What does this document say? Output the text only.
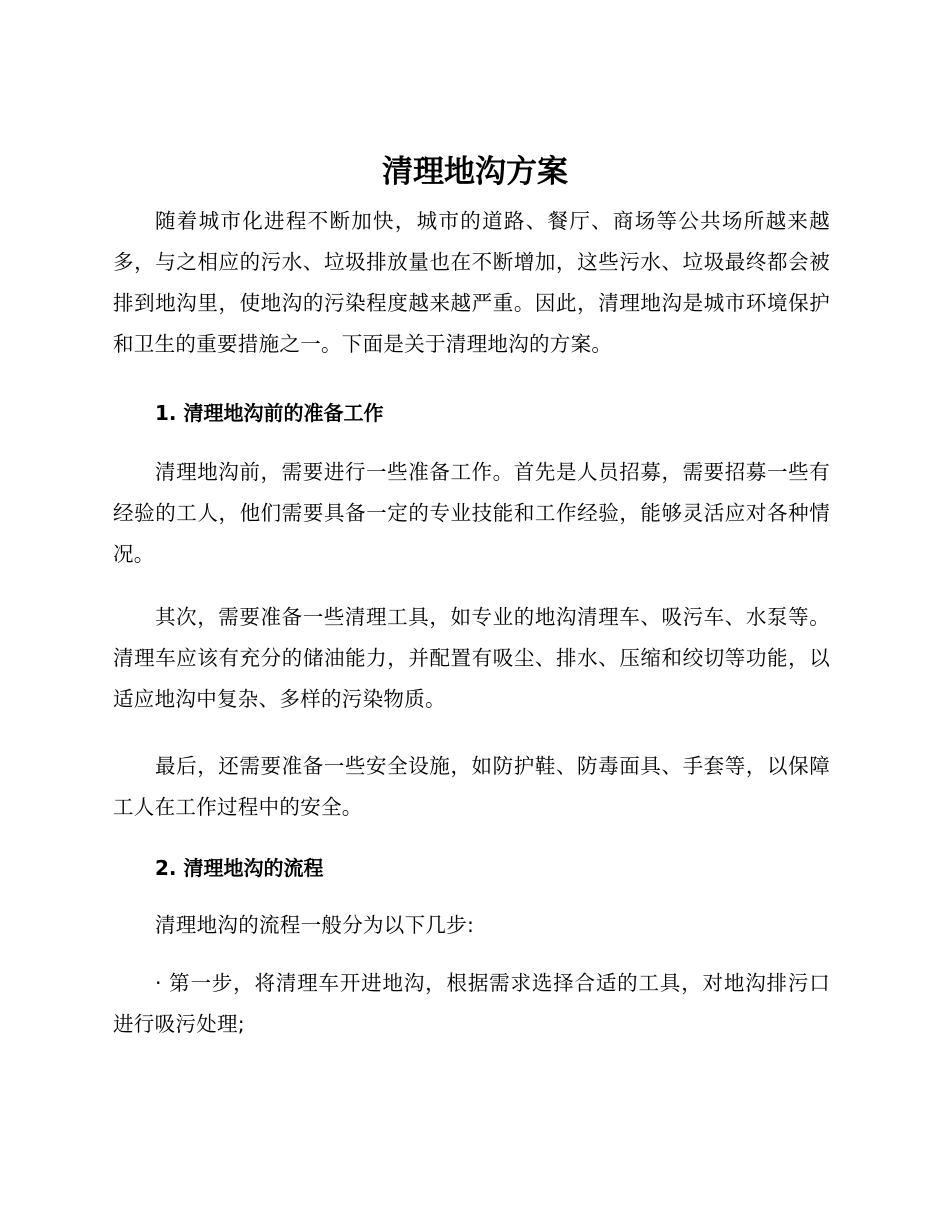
清理地沟方案

随着城市化进程不断加快，城市的道路、餐厅、商场等公共场所越来越多，与之相应的污水、垃圾排放量也在不断增加，这些污水、垃圾最终都会被排到地沟里，使地沟的污染程度越来越严重。因此，清理地沟是城市环境保护和卫生的重要措施之一。下面是关于清理地沟的方案。

1. 清理地沟前的准备工作

清理地沟前，需要进行一些准备工作。首先是人员招募，需要招募一些有经验的工人，他们需要具备一定的专业技能和工作经验，能够灵活应对各种情况。

其次，需要准备一些清理工具，如专业的地沟清理车、吸污车、水泵等。清理车应该有充分的储油能力，并配置有吸尘、排水、压缩和绞切等功能，以适应地沟中复杂、多样的污染物质。

最后，还需要准备一些安全设施，如防护鞋、防毒面具、手套等，以保障工人在工作过程中的安全。

2. 清理地沟的流程

清理地沟的流程一般分为以下几步:

· 第一步，将清理车开进地沟，根据需求选择合适的工具，对地沟排污口进行吸污处理;
